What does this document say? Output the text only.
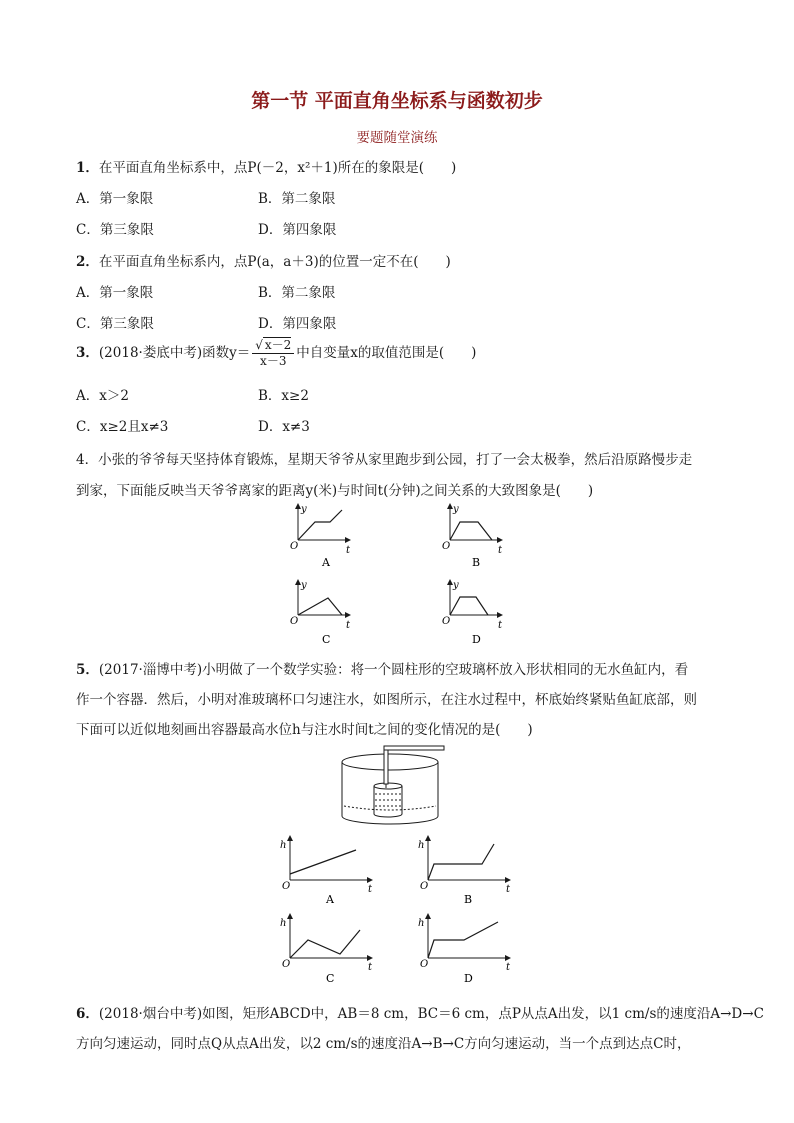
第一节 平面直角坐标系与函数初步
要题随堂演练
1．在平面直角坐标系中，点P(－2，x²＋1)所在的象限是(　　)
A．第一象限	B．第二象限
C．第三象限	D．第四象限
2．在平面直角坐标系内，点P(a，a＋3)的位置一定不在(　　)
A．第一象限	B．第二象限
C．第三象限	D．第四象限
3．(2018·娄底中考)函数$y= \frac{√ x-2}{x-3}$ 中自变量x的取值范围是(　　)
A．x＞2	B．x≥2
C．x≥2且x≠3	D．x≠3
4．小张的爷爷每天坚持体育锻炼，星期天爷爷从家里跑步到公园，打了一会太极拳，然后沿原路慢步走
到家，下面能反映当天爷爷离家的距离y(米)与时间t(分钟)之间关系的大致图象是(　　)
O
y
t
A
O
y
t
B
O
y
t
C
O
y
t
D
5．(2017·淄博中考)小明做了一个数学实验：将一个圆柱形的空玻璃杯放入形状相同的无水鱼缸内，看
作一个容器．然后，小明对准玻璃杯口匀速注水，如图所示，在注水过程中，杯底始终紧贴鱼缸底部，则
下面可以近似地刻画出容器最高水位h与注水时间t之间的变化情况的是(　　)
O
h
t
A
O
h
t
B
O
h
t
C
O
h
t
D
6．(2018·烟台中考)如图，矩形ABCD中，AB＝8 cm，BC＝6 cm，点P从点A出发，以1 cm/s的速度沿A→D→C
方向匀速运动，同时点Q从点A出发，以2 cm/s的速度沿A→B→C方向匀速运动，当一个点到达点C时，
